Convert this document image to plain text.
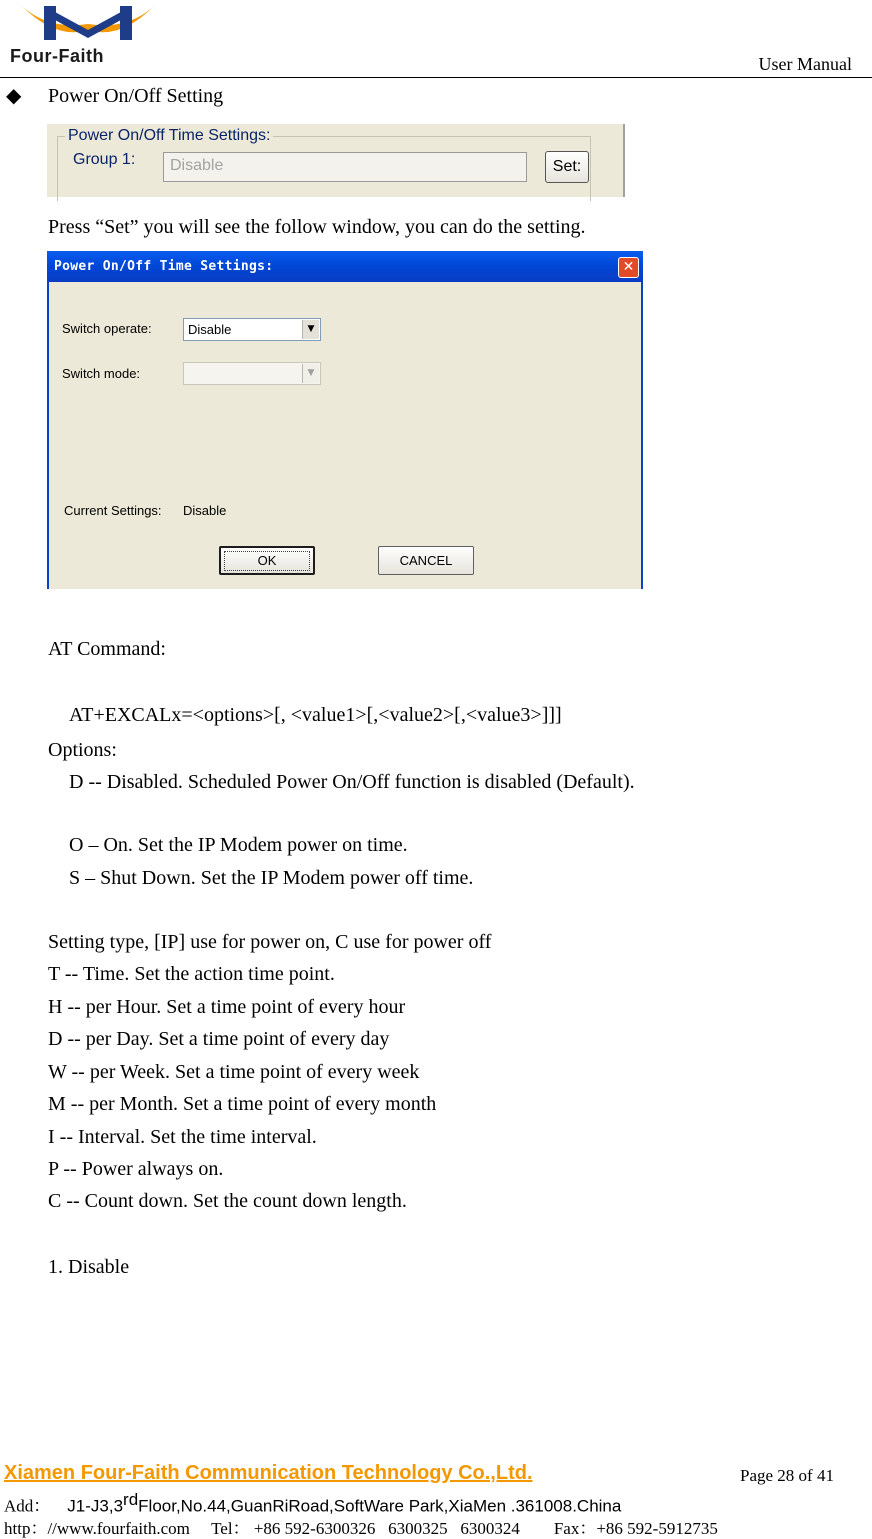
Four-Faith	User Manual
◆ Power On/Off Setting
Power On/Off Time Settings:
Group 1: Disable	Set:
Press “Set” you will see the follow window, you can do the setting.
Power On/Off Time Settings:	✕
Switch operate:	Disable	▼
Switch mode:	▼
Current Settings: Disable
OK	CANCEL
AT Command:
AT+EXCALx=<options>[, <value1>[,<value2>[,<value3>]]]
Options:
D -- Disabled. Scheduled Power On/Off function is disabled (Default).
O – On. Set the IP Modem power on time.
S – Shut Down. Set the IP Modem power off time.
Setting type, [IP] use for power on, C use for power off
T -- Time. Set the action time point.
H -- per Hour. Set a time point of every hour
D -- per Day. Set a time point of every day
W -- per Week. Set a time point of every week
M -- per Month. Set a time point of every month
I -- Interval. Set the time interval.
P -- Power always on.
C -- Count down. Set the count down length.
1. Disable
Xiamen Four-Faith Communication Technology Co.,Ltd.	Page 28 of 41
Add： J1-J3,3rdFloor,No.44,GuanRiRoad,SoftWare Park,XiaMen .361008.China
http：//www.fourfaith.com     Tel： +86 592-6300326   6300325   6300324        Fax：+86 592-5912735
